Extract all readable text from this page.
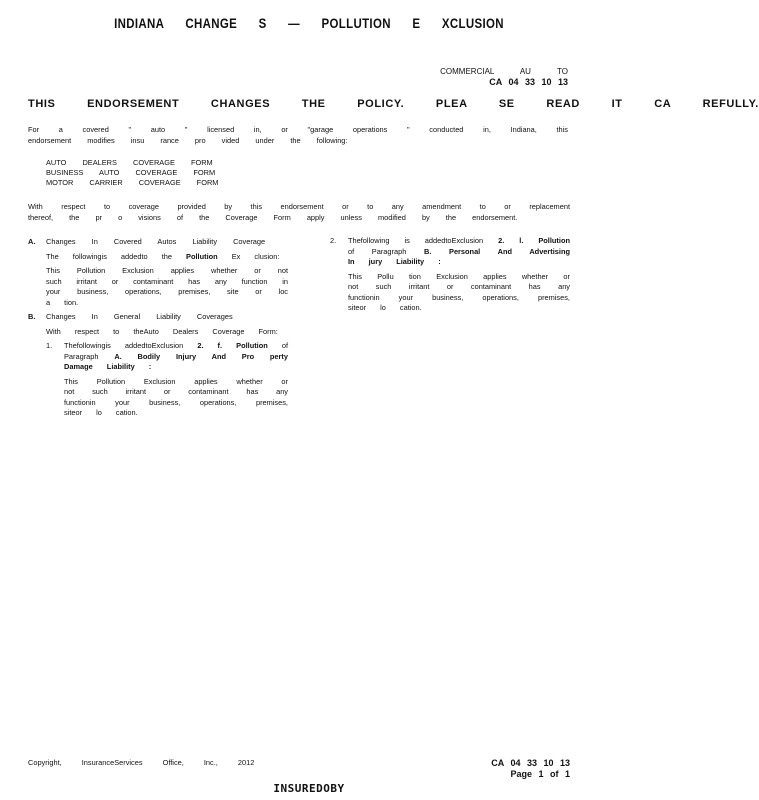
INDIANA CHANGE S — POLLUTION E XCLUSION
COMMERCIAL AU TO
CA 04 33 10 13
THIS ENDORSEMENT CHANGES THE POLICY. PLEA SE READ IT CA REFULLY.
For a covered " auto " licensed in, or "garage operations " conducted in, Indiana, this endorsement modifies insu rance pro vided under the following:
AUTO DEALERS COVERAGE FORM
BUSINESS AUTO COVERAGE FORM
MOTOR CARRIER COVERAGE FORM
With respect to coverage provided by this endorsement or to any amendment to or replacement thereof, the pr o visions of the Coverage Form apply unless modified by the endorsement.
A.	Changes In Covered Autos Liability Coverage
The followingis addedto the Pollution Ex clusion:
This Pollution Exclusion applies whether or not such irritant or contaminant has any function in your business, operations, premises, site or loc a tion.
B.	Changes In General Liability Coverages
With respect to theAuto Dealers Coverage Form:
1.	Thefollowingis addedtoExclusion 2. f. Pollution of Paragraph A. Bodily Injury And Pro perty Damage Liability :
This Pollution Exclusion applies whether or not such irritant or contaminant has any functionin your business, operations, premises, siteor lo cation.
2.	Thefollowing is addedtoExclusion 2. l. Pollution of Paragraph B. Personal And Advertising In jury Liability :
This Pollu tion Exclusion applies whether or not such irritant or contaminant has any functionin your business, operations, premises, siteor lo cation.
Copyright, InsuranceServices Office, Inc., 2012	CA 04 33 10 13
Page 1 of 1
INSUREDOBY
